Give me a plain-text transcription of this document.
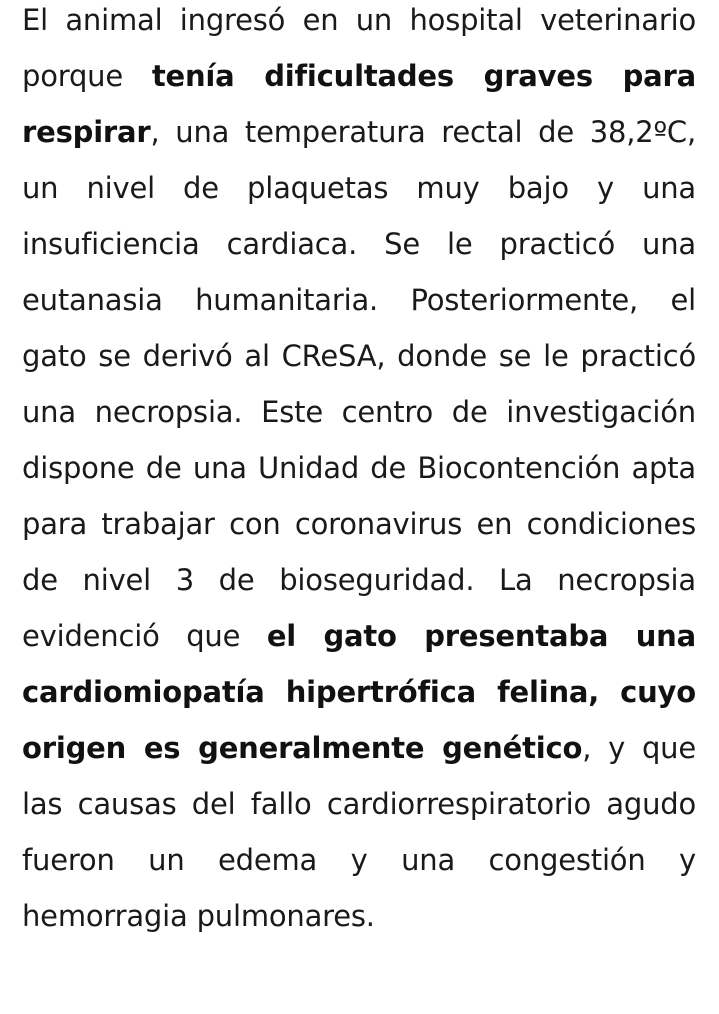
El animal ingresó en un hospital veterinario porque tenía dificultades graves para respirar, una temperatura rectal de 38,2ºC, un nivel de plaquetas muy bajo y una insuficiencia cardiaca. Se le practicó una eutanasia humanitaria. Posteriormente, el gato se derivó al CReSA, donde se le practicó una necropsia. Este centro de investigación dispone de una Unidad de Biocontención apta para trabajar con coronavirus en condiciones de nivel 3 de bioseguridad. La necropsia evidenció que el gato presentaba una cardiomiopatía hipertrófica felina, cuyo origen es generalmente genético, y que las causas del fallo cardiorrespiratorio agudo fueron un edema y una congestión y hemorragia pulmonares.
